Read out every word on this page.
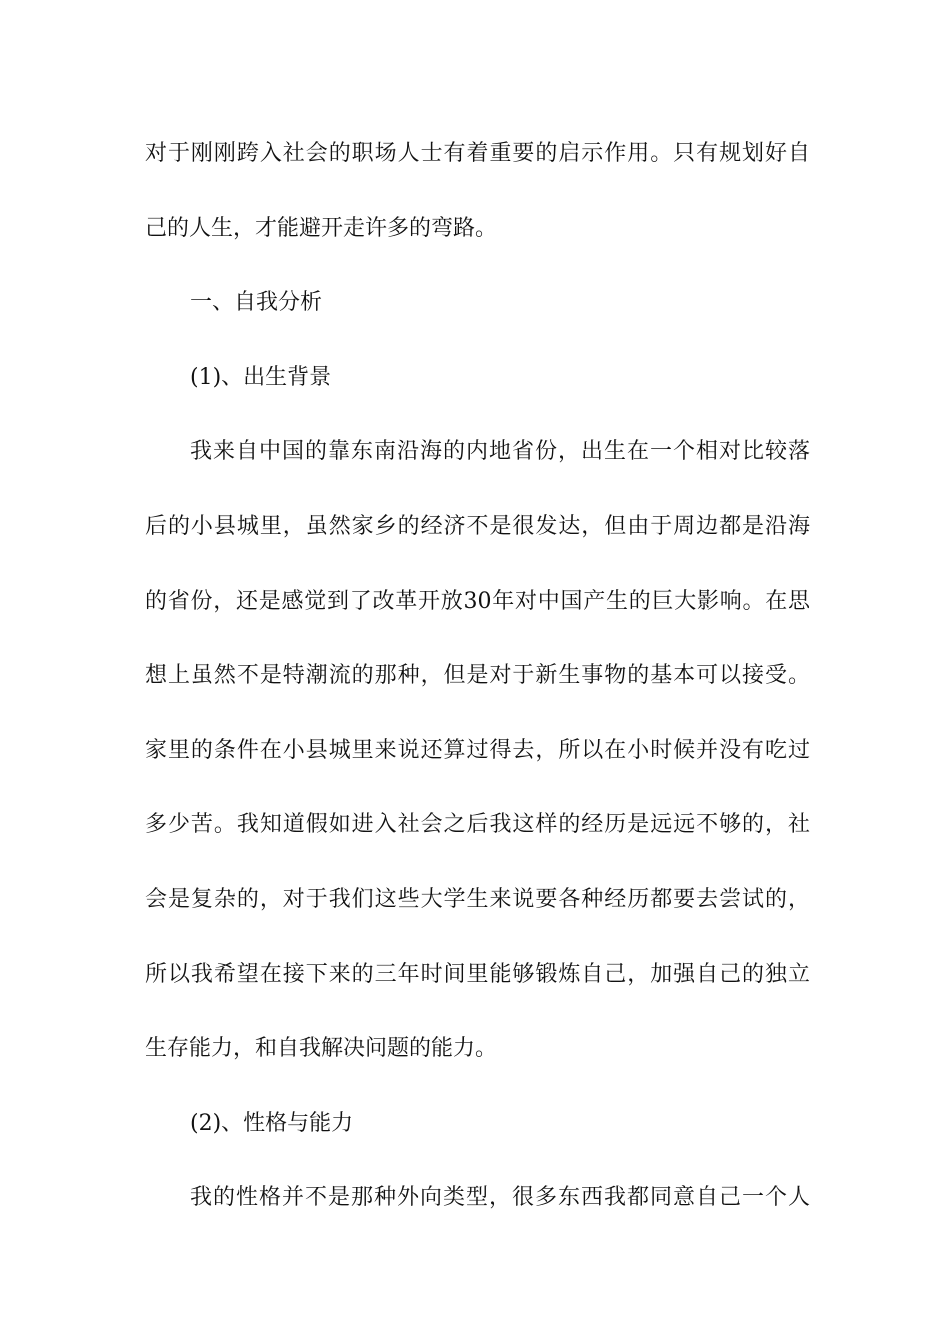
对于刚刚跨入社会的职场人士有着重要的启示作用。只有规划好自
己的人生，才能避开走许多的弯路。
一、自我分析
(1)、出生背景
我来自中国的靠东南沿海的内地省份，出生在一个相对比较落
后的小县城里，虽然家乡的经济不是很发达，但由于周边都是沿海
的省份，还是感觉到了改革开放30年对中国产生的巨大影响。在思
想上虽然不是特潮流的那种，但是对于新生事物的基本可以接受。
家里的条件在小县城里来说还算过得去，所以在小时候并没有吃过
多少苦。我知道假如进入社会之后我这样的经历是远远不够的，社
会是复杂的，对于我们这些大学生来说要各种经历都要去尝试的，
所以我希望在接下来的三年时间里能够锻炼自己，加强自己的独立
生存能力，和自我解决问题的能力。
(2)、性格与能力
我的性格并不是那种外向类型，很多东西我都同意自己一个人
